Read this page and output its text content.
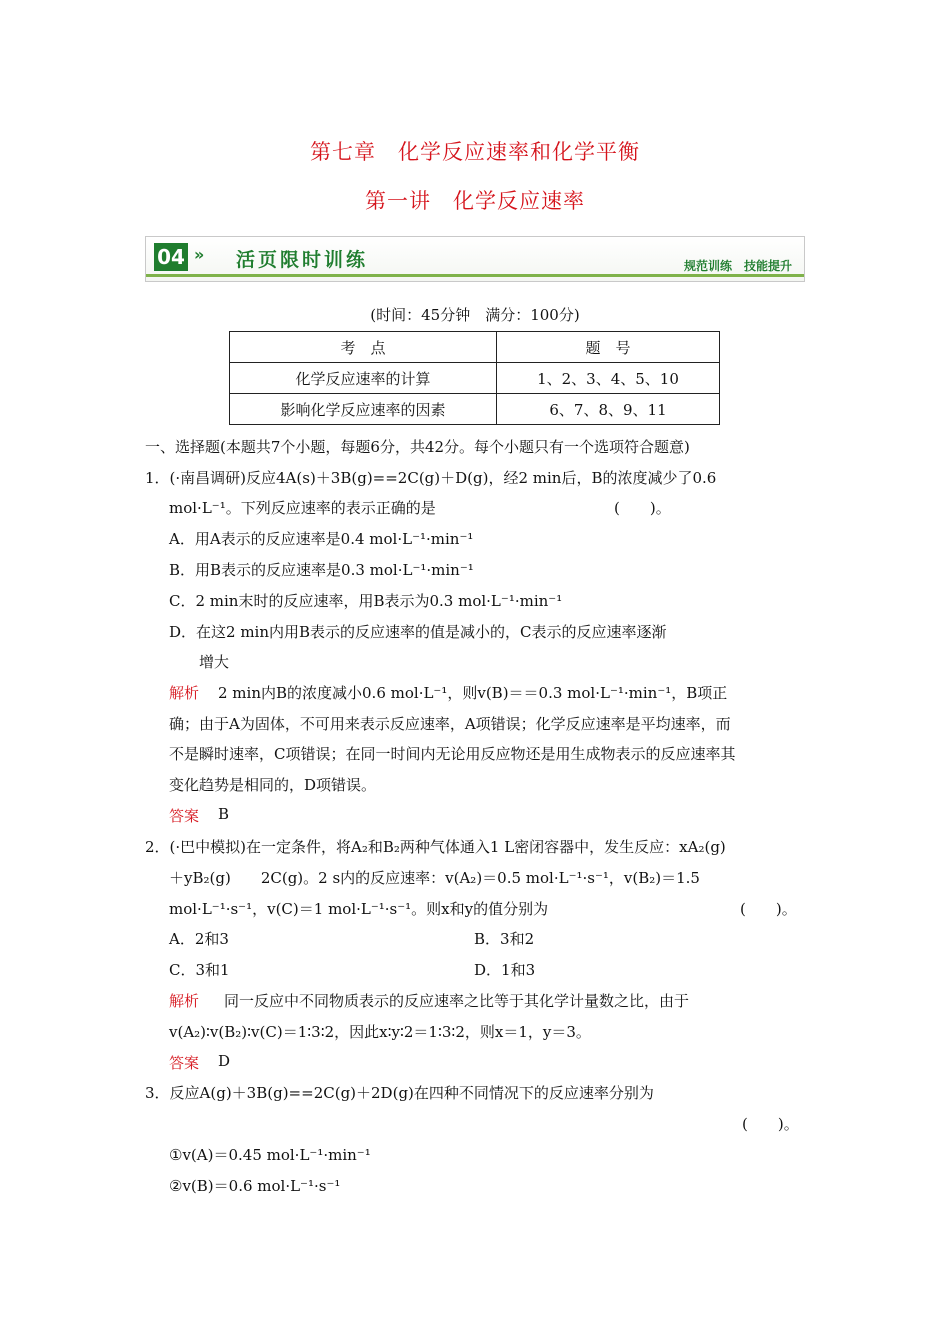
第七章　化学反应速率和化学平衡
第一讲　化学反应速率
04 » 活页限时训练	规范训练　技能提升
(时间：45分钟　满分：100分)
考　点	题　号
化学反应速率的计算	1、2、3、4、5、10
影响化学反应速率的因素	6、7、8、9、11
一、选择题(本题共7个小题，每题6分，共42分。每个小题只有一个选项符合题意)
1．(·南昌调研)反应4A(s)＋3B(g)==2C(g)＋D(g)，经2 min后，B的浓度减少了0.6
mol·L⁻¹。下列反应速率的表示正确的是	(　　)。
A．用A表示的反应速率是0.4 mol·L⁻¹·min⁻¹
B．用B表示的反应速率是0.3 mol·L⁻¹·min⁻¹
C．2 min末时的反应速率，用B表示为0.3 mol·L⁻¹·min⁻¹
D．在这2 min内用B表示的反应速率的值是减小的，C表示的反应速率逐渐
增大
解析 2 min内B的浓度减小0.6 mol·L⁻¹，则v(B)＝＝0.3 mol·L⁻¹·min⁻¹，B项正
确；由于A为固体，不可用来表示反应速率，A项错误；化学反应速率是平均速率，而
不是瞬时速率，C项错误；在同一时间内无论用反应物还是用生成物表示的反应速率其
变化趋势是相同的，D项错误。
答案 B
2．(·巴中模拟)在一定条件，将A₂和B₂两种气体通入1 L密闭容器中，发生反应：xA₂(g)
＋yB₂(g)　　2C(g)。2 s内的反应速率：v(A₂)＝0.5 mol·L⁻¹·s⁻¹，v(B₂)＝1.5
mol·L⁻¹·s⁻¹，v(C)＝1 mol·L⁻¹·s⁻¹。则x和y的值分别为	(　　)。
A．2和3	B．3和2
C．3和1	D．1和3
解析 同一反应中不同物质表示的反应速率之比等于其化学计量数之比，由于
v(A₂)∶v(B₂)∶v(C)＝1∶3∶2，因此x∶y∶2＝1∶3∶2，则x＝1，y＝3。
答案 D
3．反应A(g)＋3B(g)==2C(g)＋2D(g)在四种不同情况下的反应速率分别为
(　　)。
①v(A)＝0.45 mol·L⁻¹·min⁻¹
②v(B)＝0.6 mol·L⁻¹·s⁻¹
